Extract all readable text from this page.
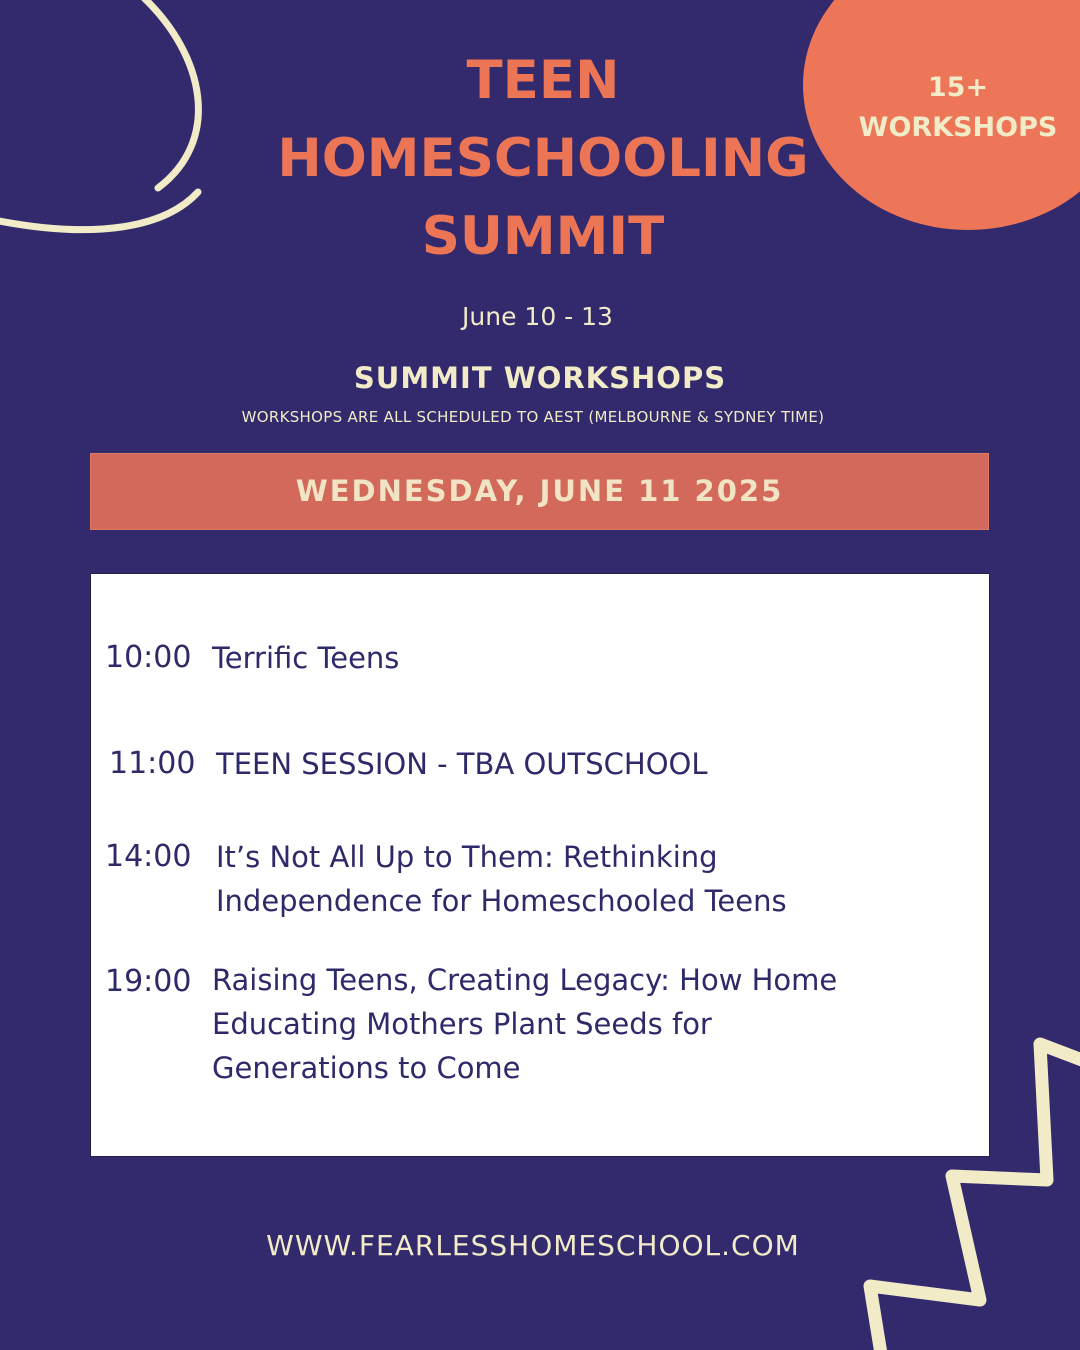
15+
WORKSHOPS
TEEN
HOMESCHOOLING
SUMMIT
June 10 - 13
SUMMIT WORKSHOPS
WORKSHOPS ARE ALL SCHEDULED TO AEST (MELBOURNE & SYDNEY TIME)
WEDNESDAY, JUNE 11 2025
10:00 Terrific Teens
11:00 TEEN SESSION - TBA OUTSCHOOL
14:00 It’s Not All Up to Them: Rethinking
Independence for Homeschooled Teens
19:00 Raising Teens, Creating Legacy: How Home
Educating Mothers Plant Seeds for
Generations to Come
WWW.FEARLESSHOMESCHOOL.COM
